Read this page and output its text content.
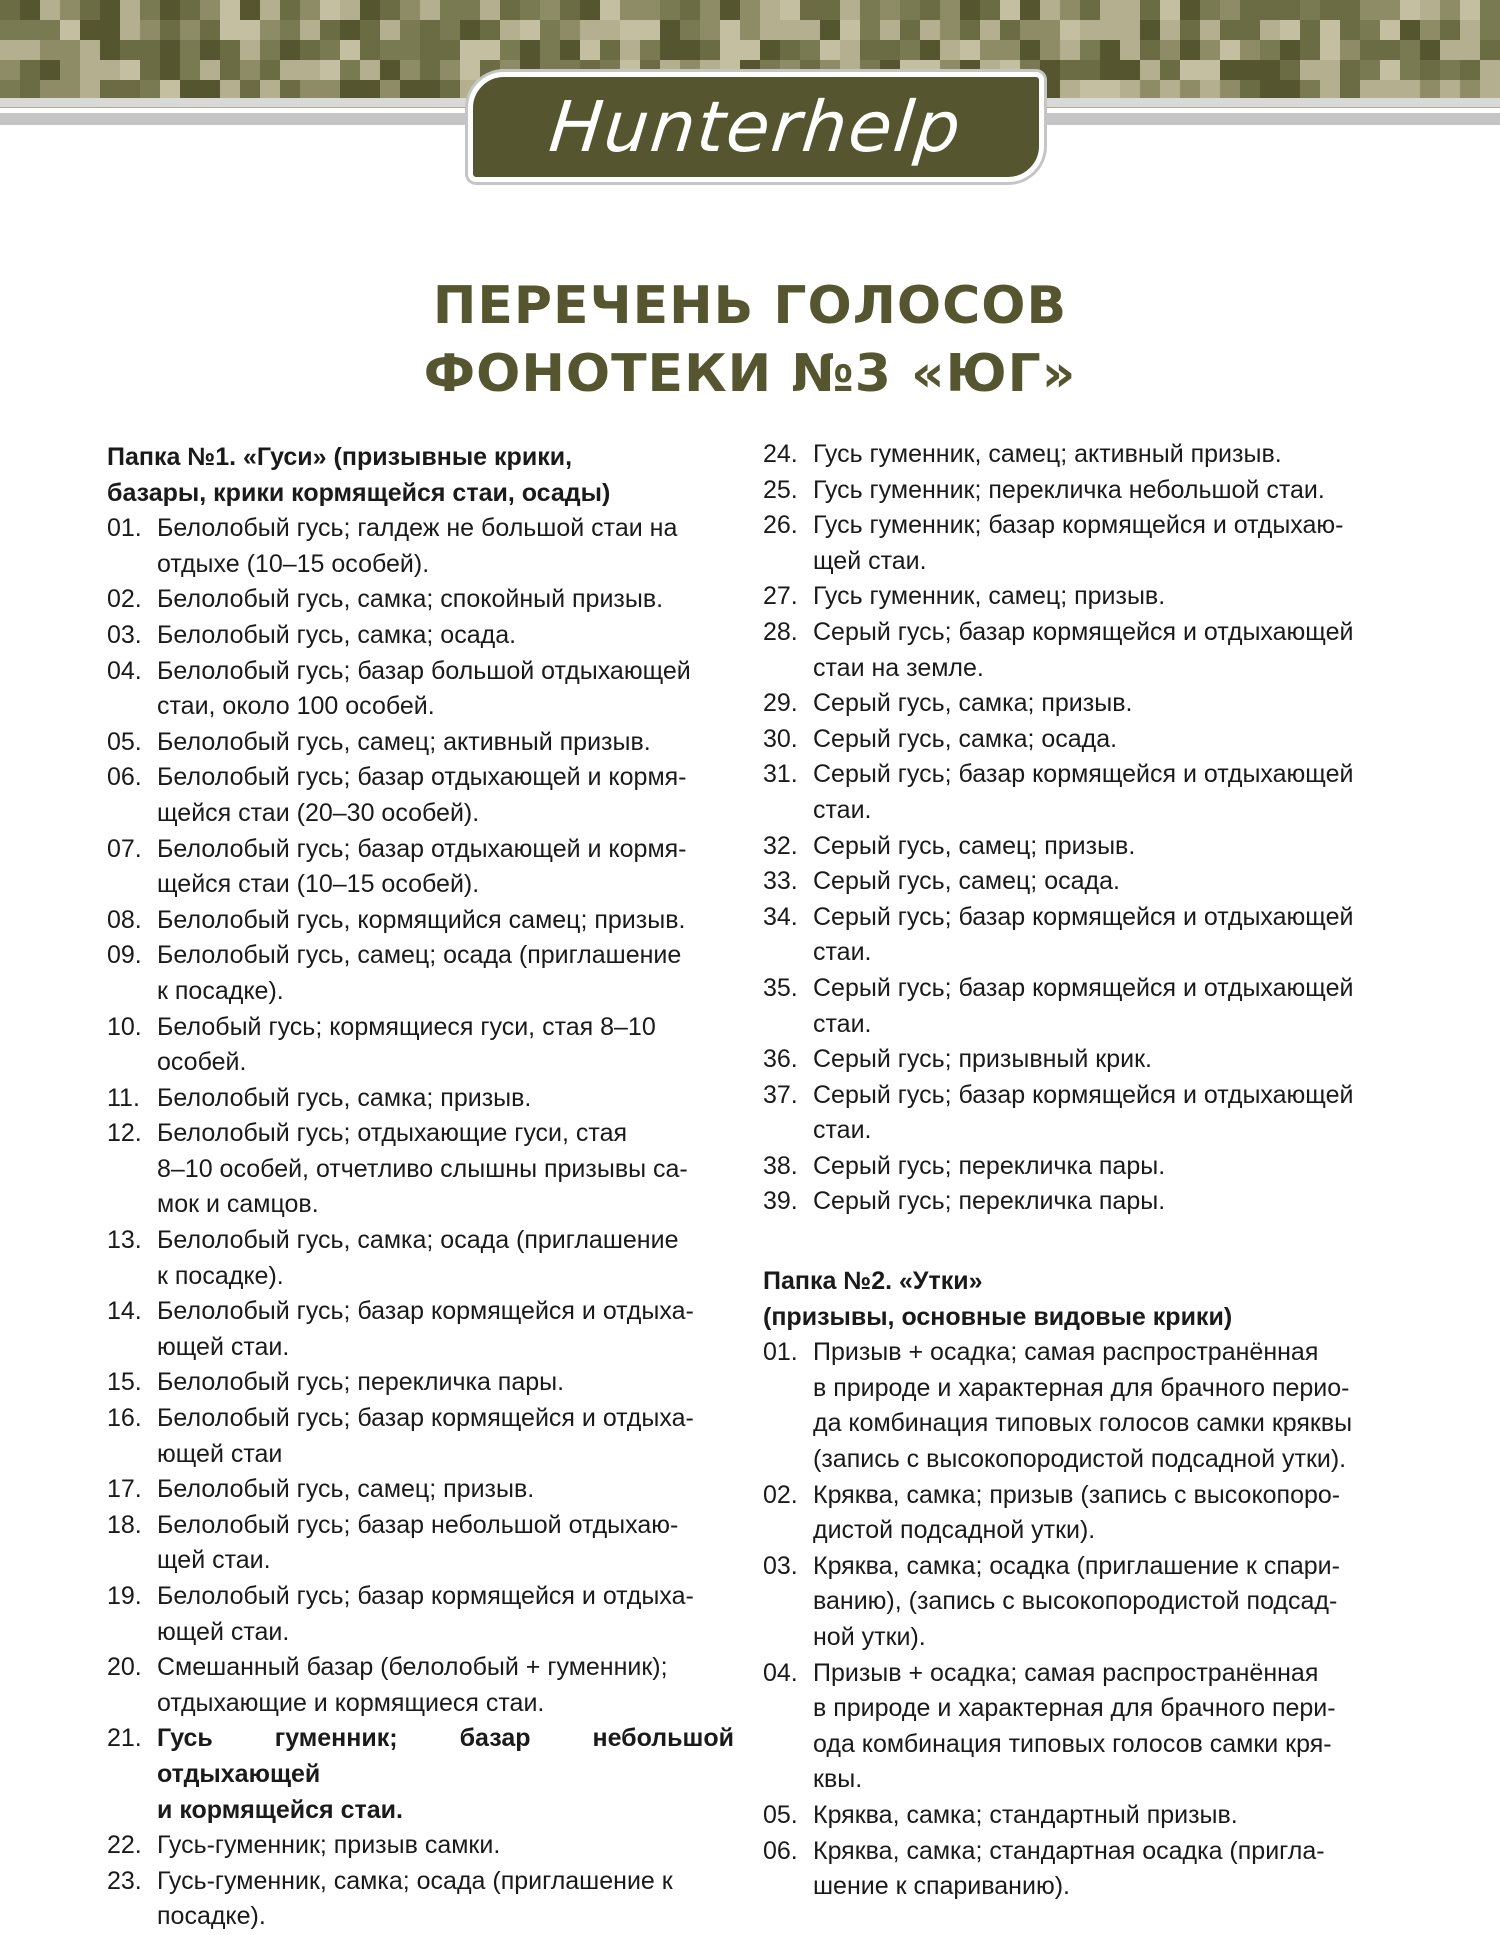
Hunterhelp
ПЕРЕЧЕНЬ ГОЛОСОВ
ФОНОТЕКИ №3 «ЮГ»
Папка №1. «Гуси» (призывные крики,
базары, крики кормящейся стаи, осады)
01. Белолобый гусь; галдеж не большой стаи на
отдыхе (10–15 особей).
02. Белолобый гусь, самка; спокойный призыв.
03. Белолобый гусь, самка; осада.
04. Белолобый гусь; базар большой отдыхающей
стаи, около 100 особей.
05. Белолобый гусь, самец; активный призыв.
06. Белолобый гусь; базар отдыхающей и кормя-
щейся стаи (20–30 особей).
07. Белолобый гусь; базар отдыхающей и кормя-
щейся стаи (10–15 особей).
08. Белолобый гусь, кормящийся самец; призыв.
09. Белолобый гусь, самец; осада (приглашение
к посадке).
10. Белобый гусь; кормящиеся гуси, стая 8–10
особей.
11. Белолобый гусь, самка; призыв.
12. Белолобый гусь; отдыхающие гуси, стая
8–10 особей, отчетливо слышны призывы са-
мок и самцов.
13. Белолобый гусь, самка; осада (приглашение
к посадке).
14. Белолобый гусь; базар кормящейся и отдыха-
ющей стаи.
15. Белолобый гусь; перекличка пары.
16. Белолобый гусь; базар кормящейся и отдыха-
ющей стаи
17. Белолобый гусь, самец; призыв.
18. Белолобый гусь; базар небольшой отдыхаю-
щей стаи.
19. Белолобый гусь; базар кормящейся и отдыха-
ющей стаи.
20. Смешанный базар (белолобый + гуменник);
отдыхающие и кормящиеся стаи.
21. Гусь гуменник; базар небольшой отдыхающей
и кормящейся стаи.
22. Гусь-гуменник; призыв самки.
23. Гусь-гуменник, самка; осада (приглашение к
посадке).
24. Гусь гуменник, самец; активный призыв.
25. Гусь гуменник; перекличка небольшой стаи.
26. Гусь гуменник; базар кормящейся и отдыхаю-
щей стаи.
27. Гусь гуменник, самец; призыв.
28. Серый гусь; базар кормящейся и отдыхающей
стаи на земле.
29. Серый гусь, самка; призыв.
30. Серый гусь, самка; осада.
31. Серый гусь; базар кормящейся и отдыхающей
стаи.
32. Серый гусь, самец; призыв.
33. Серый гусь, самец; осада.
34. Серый гусь; базар кормящейся и отдыхающей
стаи.
35. Серый гусь; базар кормящейся и отдыхающей
стаи.
36. Серый гусь; призывный крик.
37. Серый гусь; базар кормящейся и отдыхающей
стаи.
38. Серый гусь; перекличка пары.
39. Серый гусь; перекличка пары.
Папка №2. «Утки»
(призывы, основные видовые крики)
01. Призыв + осадка; самая распространённая
в природе и характерная для брачного перио-
да комбинация типовых голосов самки кряквы
(запись с высокопородистой подсадной утки).
02. Кряква, самка; призыв (запись с высокопоро-
дистой подсадной утки).
03. Кряква, самка; осадка (приглашение к спари-
ванию), (запись с высокопородистой подсад-
ной утки).
04. Призыв + осадка; самая распространённая
в природе и характерная для брачного пери-
ода комбинация типовых голосов самки кря-
квы.
05. Кряква, самка; стандартный призыв.
06. Кряква, самка; стандартная осадка (пригла-
шение к спариванию).
